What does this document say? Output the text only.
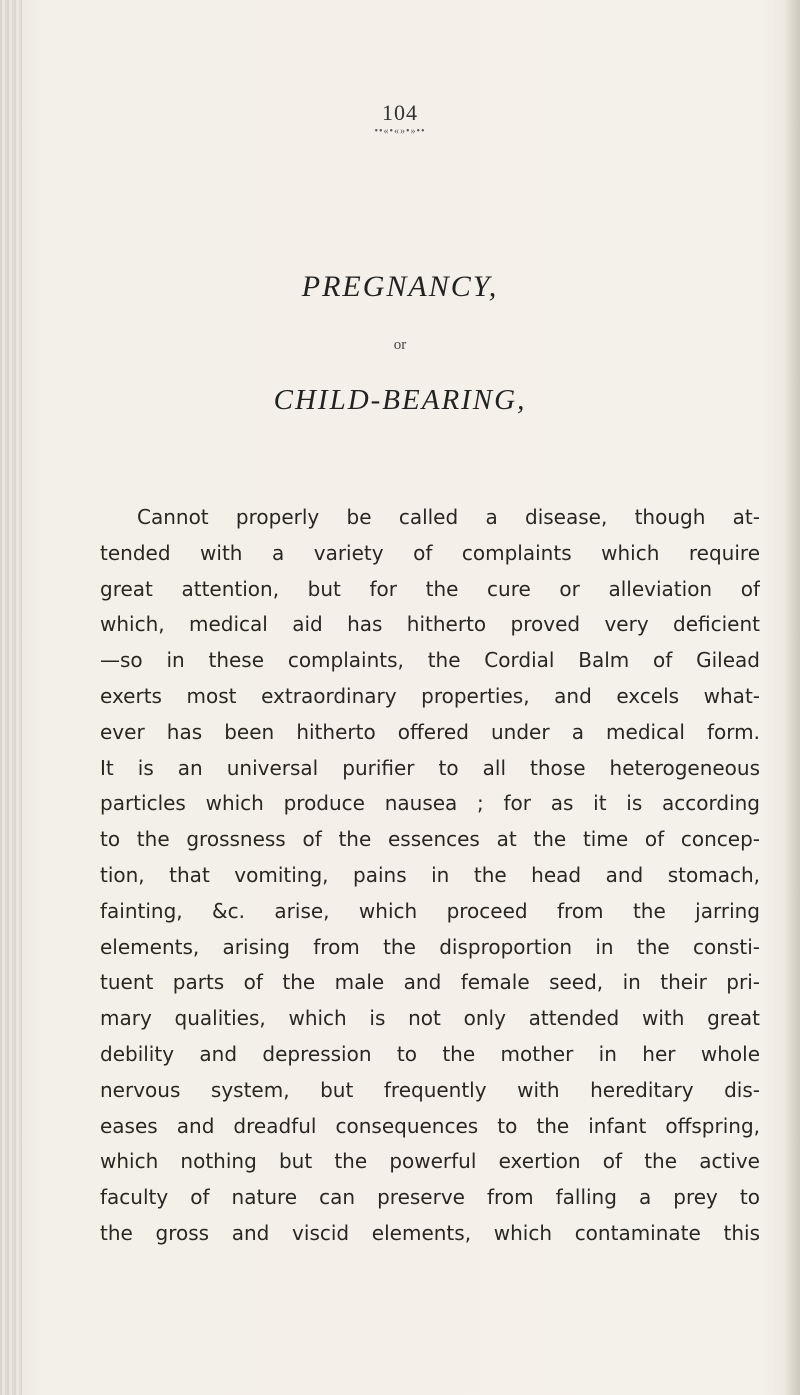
104
••«•«»•»••
PREGNANCY,
or
CHILD-BEARING,
Cannot properly be called a disease, though at-
tended with a variety of complaints which require
great attention, but for the cure or alleviation of
which, medical aid has hitherto proved very deficient
—so in these complaints, the Cordial Balm of Gilead
exerts most extraordinary properties, and excels what-
ever has been hitherto offered under a medical form.
It is an universal purifier to all those heterogeneous
particles which produce nausea ; for as it is according
to the grossness of the essences at the time of concep-
tion, that vomiting, pains in the head and stomach,
fainting, &c. arise, which proceed from the jarring
elements, arising from the disproportion in the consti-
tuent parts of the male and female seed, in their pri-
mary qualities, which is not only attended with great
debility and depression to the mother in her whole
nervous system, but frequently with hereditary dis-
eases and dreadful consequences to the infant offspring,
which nothing but the powerful exertion of the active
faculty of nature can preserve from falling a prey to
the gross and viscid elements, which contaminate this
